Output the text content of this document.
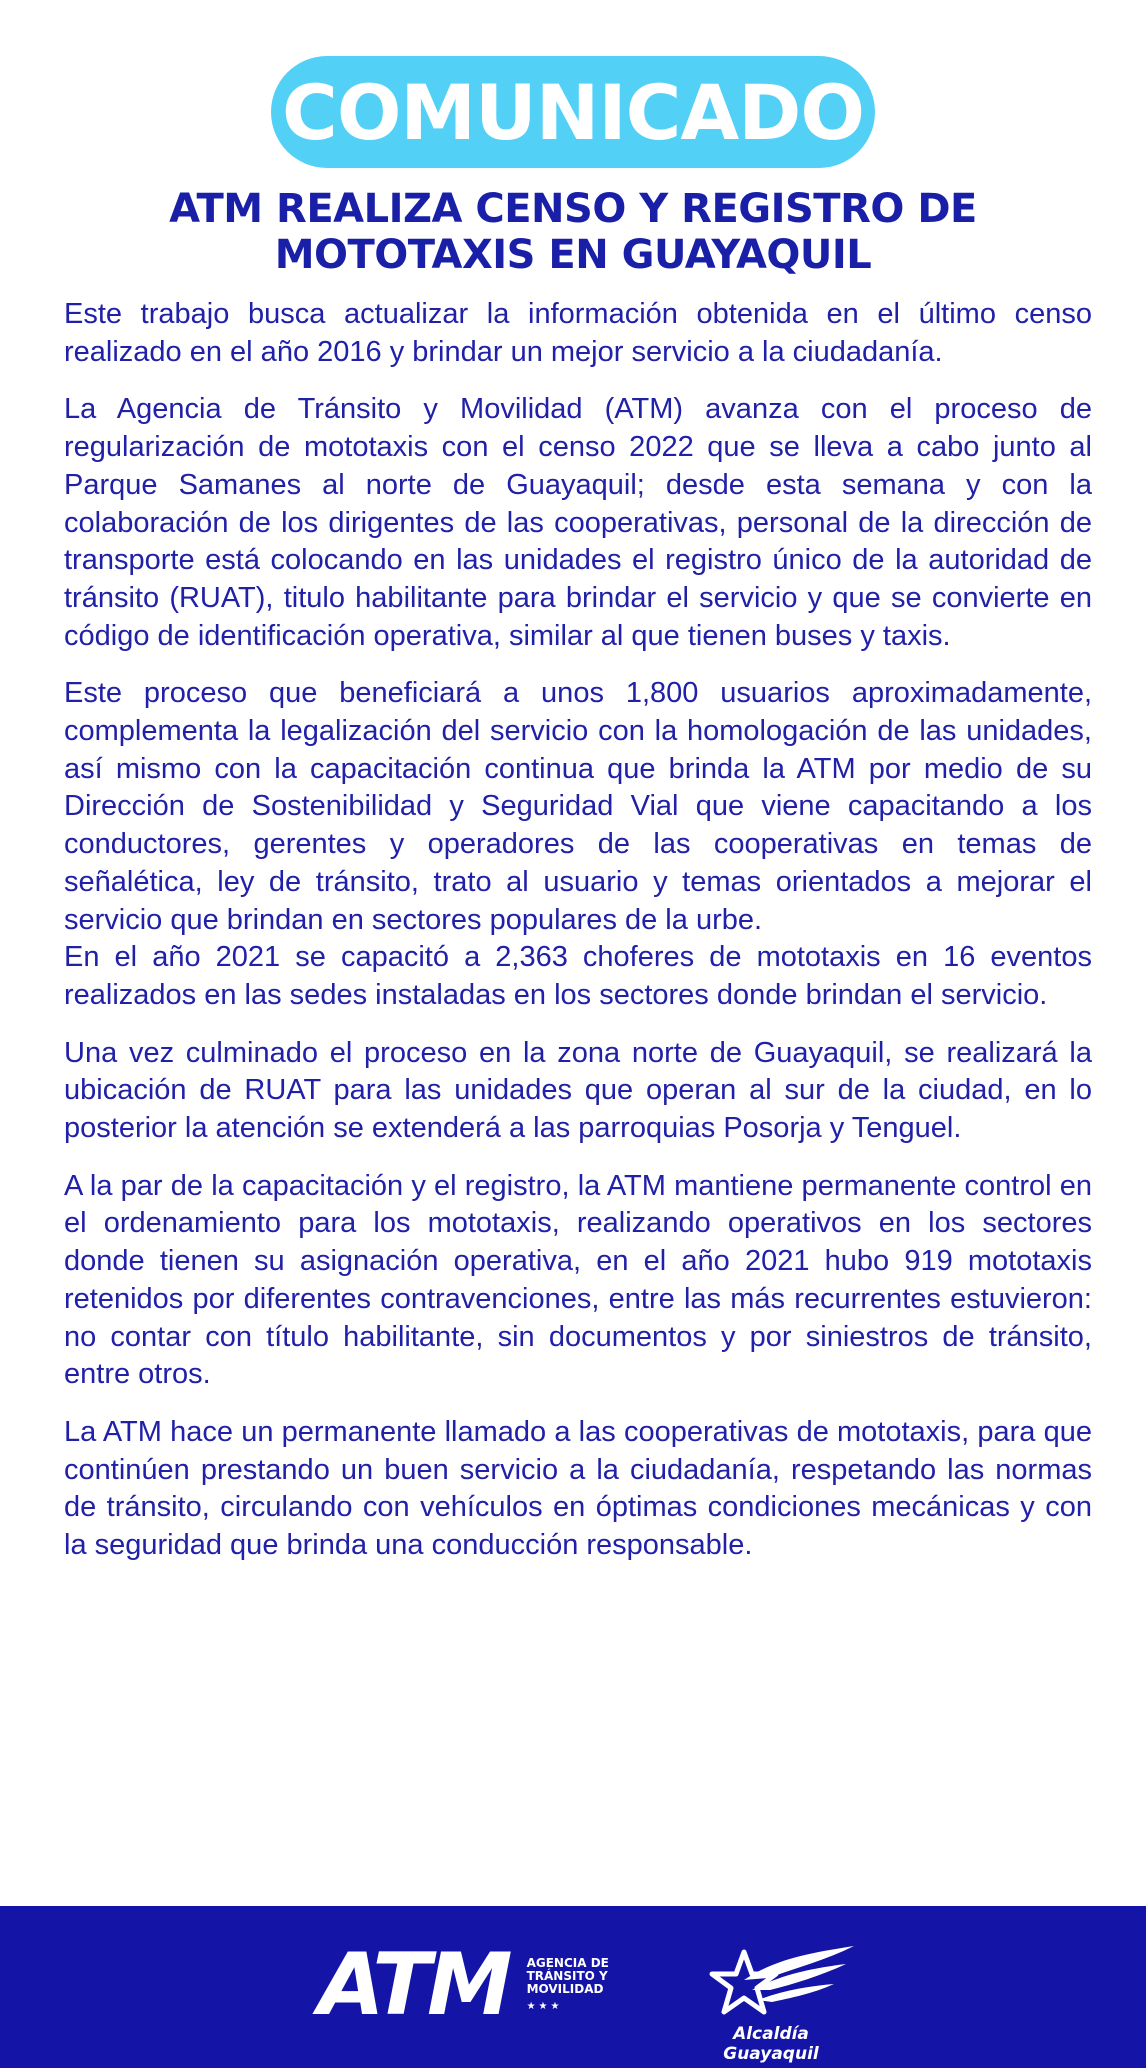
COMUNICADO
ATM REALIZA CENSO Y REGISTRO DE
MOTOTAXIS EN GUAYAQUIL

Este trabajo busca actualizar la información obtenida en el último censo realizado en el año 2016 y brindar un mejor servicio a la ciudadanía.

La Agencia de Tránsito y Movilidad (ATM) avanza con el proceso de regularización de mototaxis con el censo 2022 que se lleva a cabo junto al Parque Samanes al norte de Guayaquil; desde esta semana y con la colaboración de los dirigentes de las cooperativas, personal de la dirección de transporte está colocando en las unidades el registro único de la autoridad de tránsito (RUAT), titulo habilitante para brindar el servicio y que se convierte en código de identificación operativa, similar al que tienen buses y taxis.

Este proceso que beneficiará a unos 1,800 usuarios aproximadamente, complementa la legalización del servicio con la homologación de las unidades, así mismo con la capacitación continua que brinda la ATM por medio de su Dirección de Sostenibilidad y Seguridad Vial que viene capacitando a los conductores, gerentes y operadores de las cooperativas en temas de señalética, ley de tránsito, trato al usuario y temas orientados a mejorar el servicio que brindan en sectores populares de la urbe.

En el año 2021 se capacitó a 2,363 choferes de mototaxis en 16 eventos realizados en las sedes instaladas en los sectores donde brindan el servicio.

Una vez culminado el proceso en la zona norte de Guayaquil, se realizará la ubicación de RUAT para las unidades que operan al sur de la ciudad, en lo posterior la atención se extenderá a las parroquias Posorja y Tenguel.

A la par de la capacitación y el registro, la ATM mantiene permanente control en el ordenamiento para los mototaxis, realizando operativos en los sectores donde tienen su asignación operativa, en el año 2021 hubo 919 mototaxis retenidos por diferentes contravenciones, entre las más recurrentes estuvieron: no contar con título habilitante, sin documentos y por siniestros de tránsito, entre otros.

La ATM hace un permanente llamado a las cooperativas de mototaxis, para que continúen prestando un buen servicio a la ciudadanía, respetando las normas de tránsito, circulando con vehículos en óptimas condiciones mecánicas y con la seguridad que brinda una conducción responsable.

ATM AGENCIA DE
TRÁNSITO Y
MOVILIDAD
★★★
Alcaldía Guayaquil
